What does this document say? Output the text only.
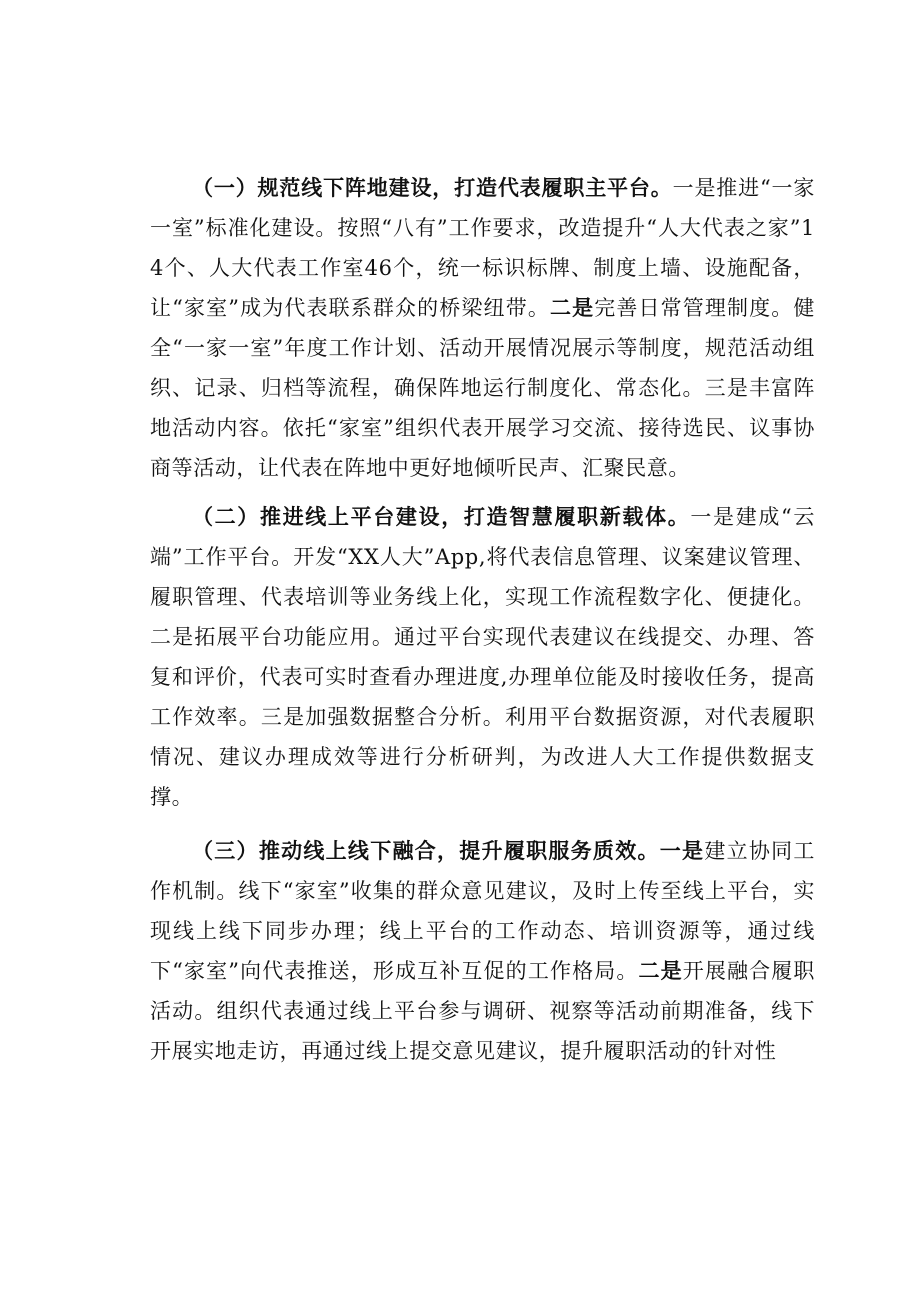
（一）规范线下阵地建设，打造代表履职主平台。一是推进“一家一室”标准化建设。按照“八有”工作要求，改造提升“人大代表之家”14个、人大代表工作室46个，统一标识标牌、制度上墙、设施配备，让“家室”成为代表联系群众的桥梁纽带。二是完善日常管理制度。健全“一家一室”年度工作计划、活动开展情况展示等制度，规范活动组织、记录、归档等流程，确保阵地运行制度化、常态化。三是丰富阵地活动内容。依托“家室”组织代表开展学习交流、接待选民、议事协商等活动，让代表在阵地中更好地倾听民声、汇聚民意。

（二）推进线上平台建设，打造智慧履职新载体。一是建成“云端”工作平台。开发“XX人大”App,将代表信息管理、议案建议管理、履职管理、代表培训等业务线上化，实现工作流程数字化、便捷化。二是拓展平台功能应用。通过平台实现代表建议在线提交、办理、答复和评价，代表可实时查看办理进度,办理单位能及时接收任务，提高工作效率。三是加强数据整合分析。利用平台数据资源，对代表履职情况、建议办理成效等进行分析研判，为改进人大工作提供数据支撑。

（三）推动线上线下融合，提升履职服务质效。一是建立协同工作机制。线下“家室”收集的群众意见建议，及时上传至线上平台，实现线上线下同步办理；线上平台的工作动态、培训资源等，通过线下“家室”向代表推送，形成互补互促的工作格局。二是开展融合履职活动。组织代表通过线上平台参与调研、视察等活动前期准备，线下开展实地走访，再通过线上提交意见建议，提升履职活动的针对性
